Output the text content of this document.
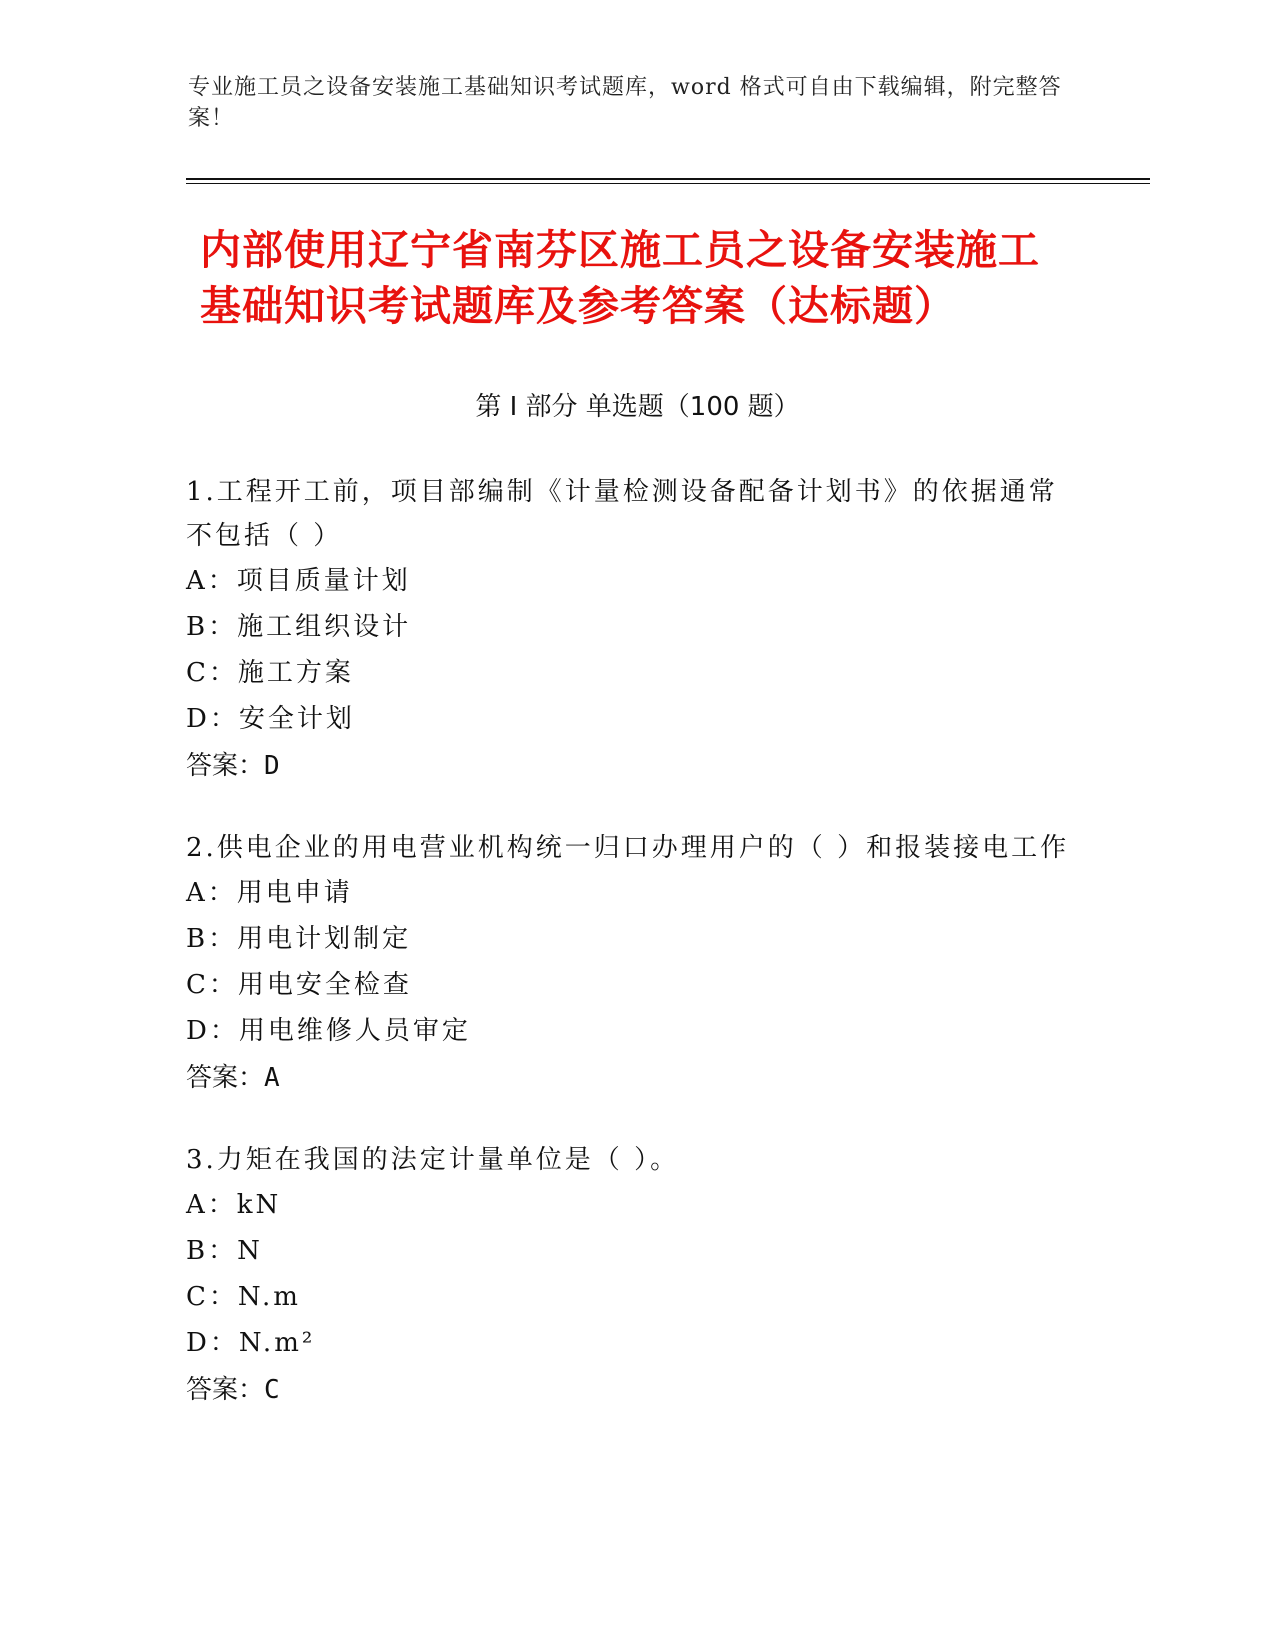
专业施工员之设备安装施工基础知识考试题库，word 格式可自由下载编辑，附完整答案！
内部使用辽宁省南芬区施工员之设备安装施工基础知识考试题库及参考答案（达标题）
第 I 部分 单选题（100 题）

1.工程开工前，项目部编制《计量检测设备配备计划书》的依据通常不包括（ ）

A：项目质量计划

B：施工组织设计

C：施工方案

D：安全计划

答案：D

2.供电企业的用电营业机构统一归口办理用户的（ ）和报装接电工作

A：用电申请

B：用电计划制定

C：用电安全检查

D：用电维修人员审定

答案：A

3.力矩在我国的法定计量单位是（ ）。

A：kN

B：N

C：N.m

D：N.m²

答案：C
